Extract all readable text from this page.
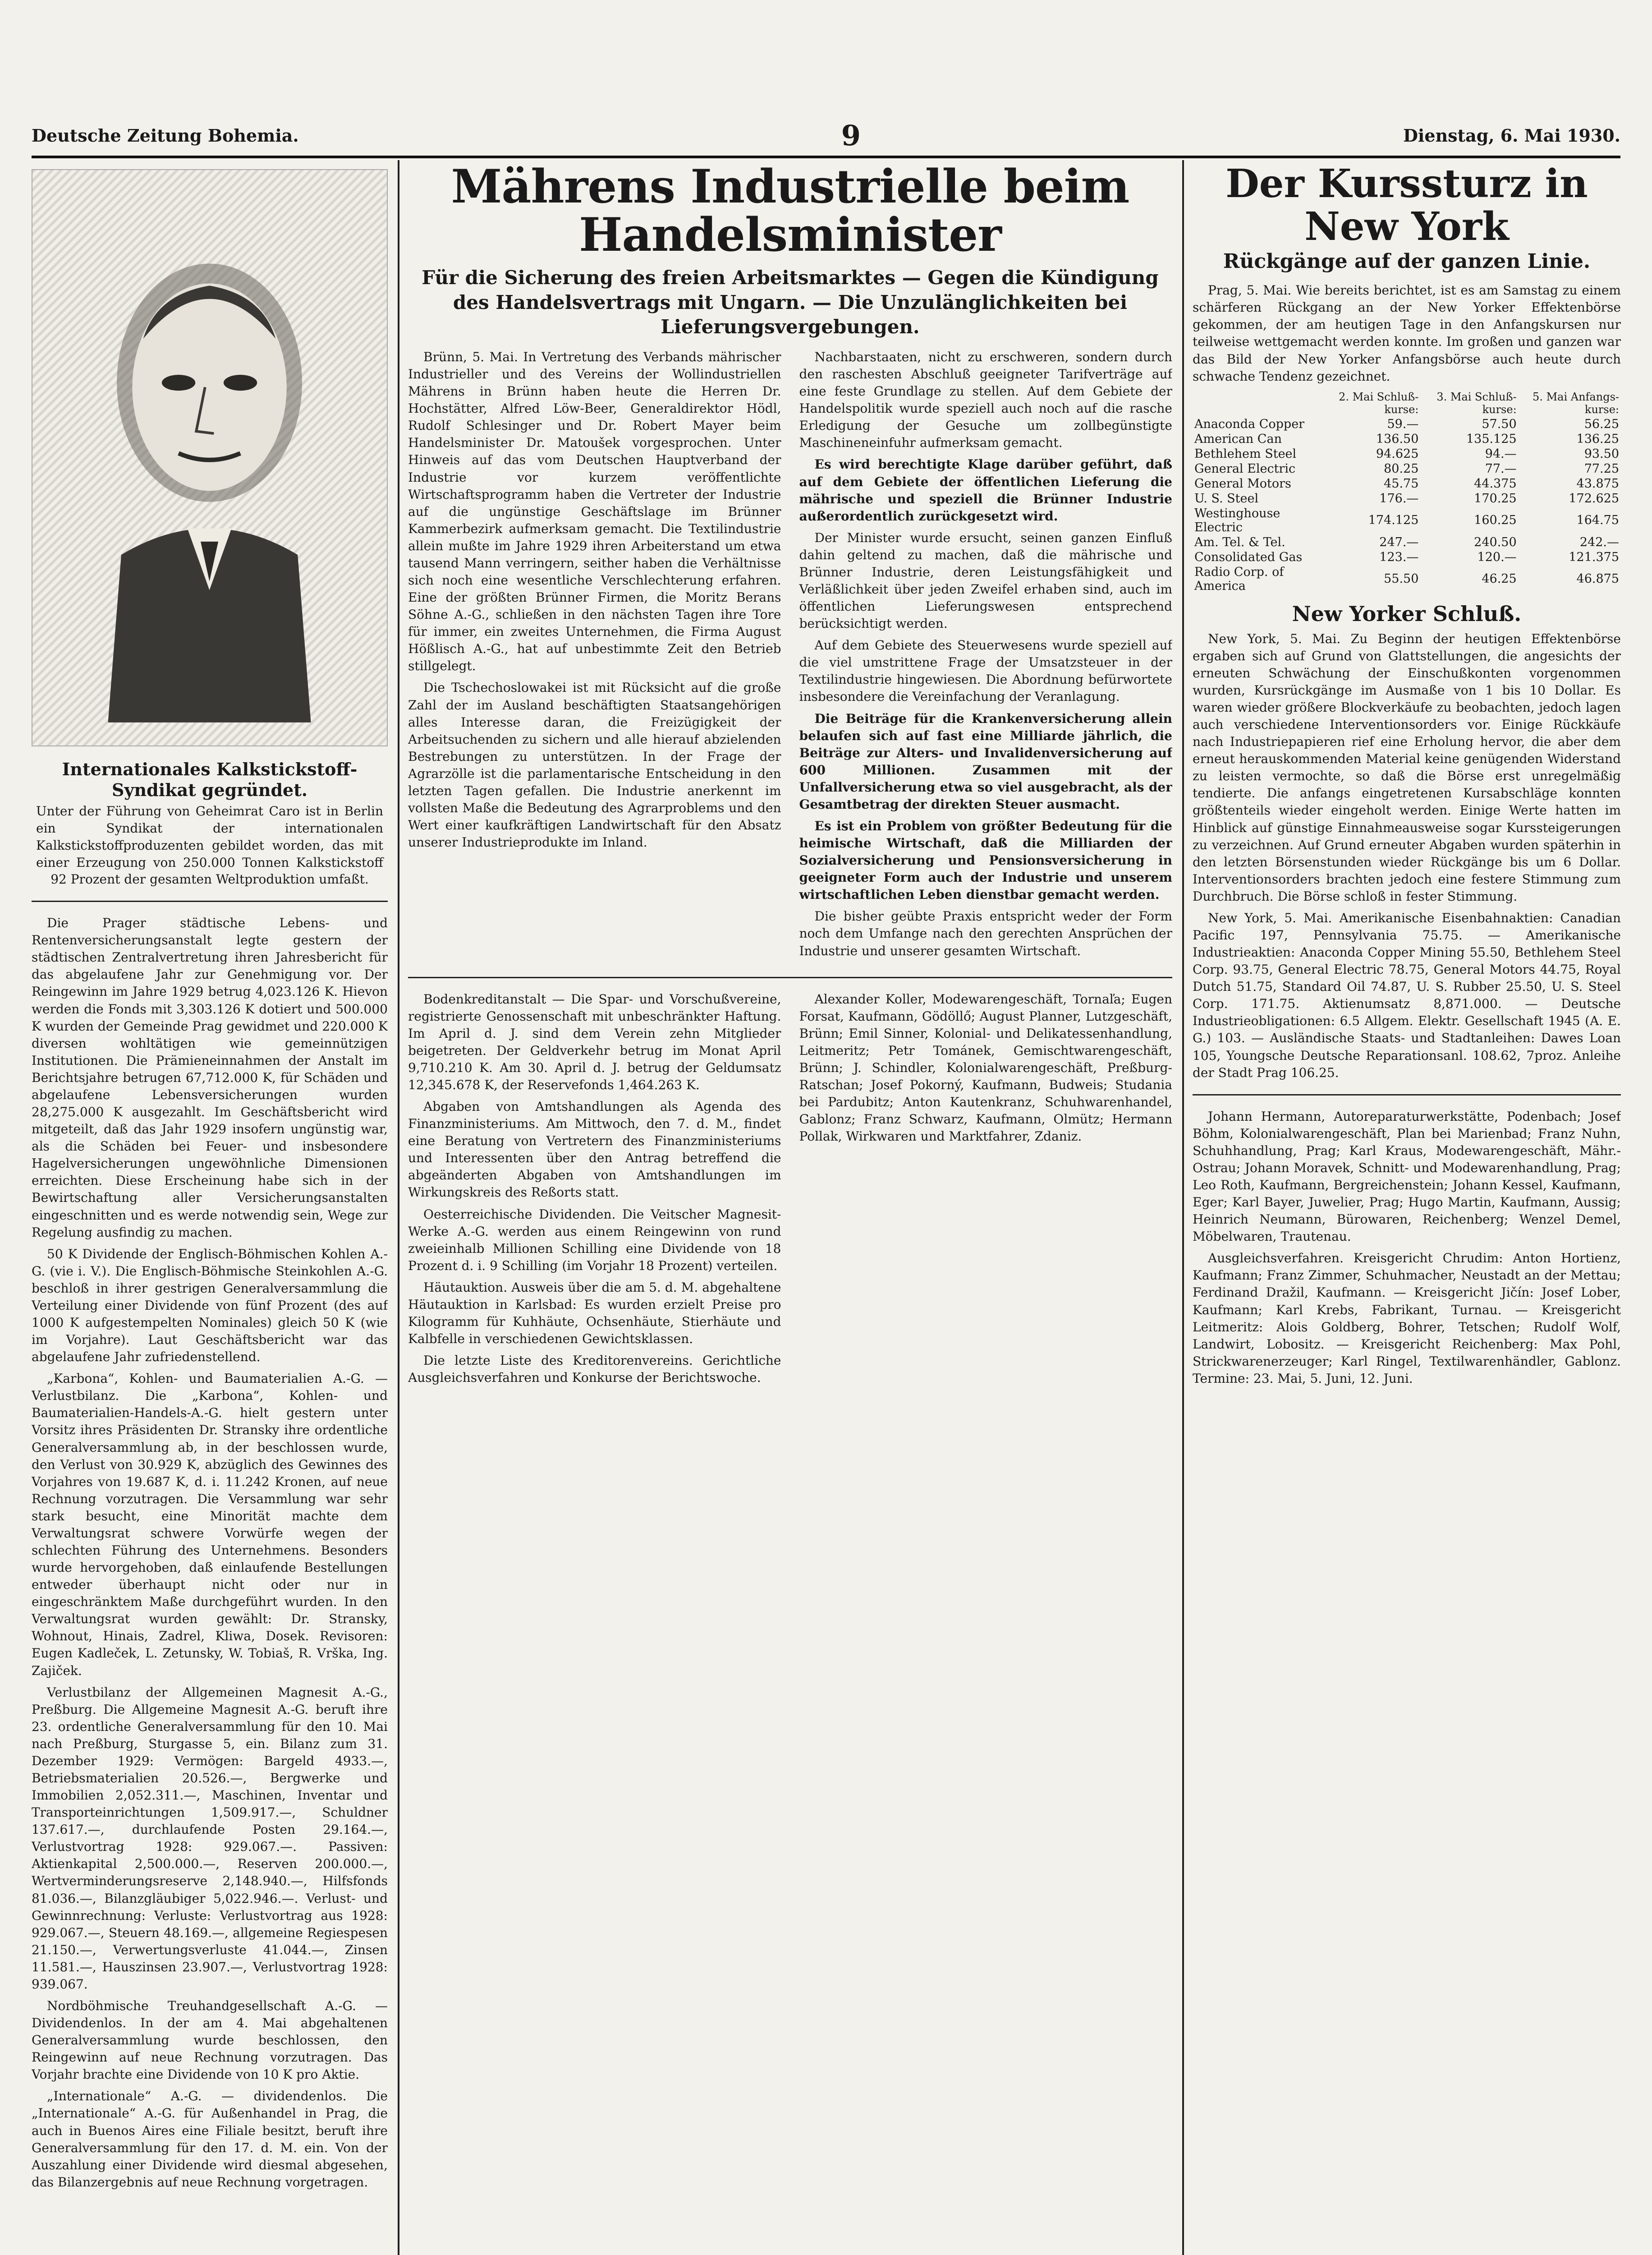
Deutsche Zeitung Bohemia.	9	Dienstag, 6. Mai 1930.
Internationales Kalkstickstoff-Syndikat gegründet.
Unter der Führung von Geheimrat Caro ist in Berlin ein Syndikat der internationalen Kalkstickstoffproduzenten gebildet worden, das mit einer Erzeugung von 250.000 Tonnen Kalkstickstoff 92 Prozent der gesamten Weltproduktion umfaßt.

Die Prager städtische Lebens- und Rentenversicherungsanstalt legte gestern der städtischen Zentralvertretung ihren Jahresbericht für das abgelaufene Jahr zur Genehmigung vor. Der Reingewinn im Jahre 1929 betrug 4,023.126 K. Hievon werden die Fonds mit 3,303.126 K dotiert und 500.000 K wurden der Gemeinde Prag gewidmet und 220.000 K diversen wohltätigen wie gemeinnützigen Institutionen. Die Prämieneinnahmen der Anstalt im Berichtsjahre betrugen 67,712.000 K, für Schäden und abgelaufene Lebensversicherungen wurden 28,275.000 K ausgezahlt. Im Geschäftsbericht wird mitgeteilt, daß das Jahr 1929 insofern ungünstig war, als die Schäden bei Feuer- und insbesondere Hagelversicherungen ungewöhnliche Dimensionen erreichten. Diese Erscheinung habe sich in der Bewirtschaftung aller Versicherungsanstalten eingeschnitten und es werde notwendig sein, Wege zur Regelung ausfindig zu machen.

50 K Dividende der Englisch-Böhmischen Kohlen A.-G. (vie i. V.). Die Englisch-Böhmische Steinkohlen A.-G. beschloß in ihrer gestrigen Generalversammlung die Verteilung einer Dividende von fünf Prozent (des auf 1000 K aufgestempelten Nominales) gleich 50 K (wie im Vorjahre). Laut Geschäftsbericht war das abgelaufene Jahr zufriedenstellend.

„Karbona“, Kohlen- und Baumaterialien A.-G. — Verlustbilanz. Die „Karbona“, Kohlen- und Baumaterialien-Handels-A.-G. hielt gestern unter Vorsitz ihres Präsidenten Dr. Stransky ihre ordentliche Generalversammlung ab, in der beschlossen wurde, den Verlust von 30.929 K, abzüglich des Gewinnes des Vorjahres von 19.687 K, d. i. 11.242 Kronen, auf neue Rechnung vorzutragen. Die Versammlung war sehr stark besucht, eine Minorität machte dem Verwaltungsrat schwere Vorwürfe wegen der schlechten Führung des Unternehmens. Besonders wurde hervorgehoben, daß einlaufende Bestellungen entweder überhaupt nicht oder nur in eingeschränktem Maße durchgeführt wurden. In den Verwaltungsrat wurden gewählt: Dr. Stransky, Wohnout, Hinais, Zadrel, Kliwa, Dosek. Revisoren: Eugen Kadleček, L. Zetunsky, W. Tobiaš, R. Vrška, Ing. Zajiček.

Verlustbilanz der Allgemeinen Magnesit A.-G., Preßburg. Die Allgemeine Magnesit A.-G. beruft ihre 23. ordentliche Generalversammlung für den 10. Mai nach Preßburg, Sturgasse 5, ein. Bilanz zum 31. Dezember 1929: Vermögen: Bargeld 4933.—, Betriebsmaterialien 20.526.—, Bergwerke und Immobilien 2,052.311.—, Maschinen, Inventar und Transporteinrichtungen 1,509.917.—, Schuldner 137.617.—, durchlaufende Posten 29.164.—, Verlustvortrag 1928: 929.067.—. Passiven: Aktienkapital 2,500.000.—, Reserven 200.000.—, Wertverminderungsreserve 2,148.940.—, Hilfsfonds 81.036.—, Bilanzgläubiger 5,022.946.—. Verlust- und Gewinnrechnung: Verluste: Verlustvortrag aus 1928: 929.067.—, Steuern 48.169.—, allgemeine Regiespesen 21.150.—, Verwertungsverluste 41.044.—, Zinsen 11.581.—, Hauszinsen 23.907.—, Verlustvortrag 1928: 939.067.

Nordböhmische Treuhandgesellschaft A.-G. — Dividendenlos. In der am 4. Mai abgehaltenen Generalversammlung wurde beschlossen, den Reingewinn auf neue Rechnung vorzutragen. Das Vorjahr brachte eine Dividende von 10 K pro Aktie.

„Internationale“ A.-G. — dividendenlos. Die „Internationale“ A.-G. für Außenhandel in Prag, die auch in Buenos Aires eine Filiale besitzt, beruft ihre Generalversammlung für den 17. d. M. ein. Von der Auszahlung einer Dividende wird diesmal abgesehen, das Bilanzergebnis auf neue Rechnung vorgetragen.

Mährens Industrielle beim Handelsminister
Für die Sicherung des freien Arbeitsmarktes — Gegen die Kündigung des Handelsvertrags mit Ungarn. — Die Unzulänglichkeiten bei Lieferungsvergebungen.

Brünn, 5. Mai. In Vertretung des Verbands mährischer Industrieller und des Vereins der Wollindustriellen Mährens in Brünn haben heute die Herren Dr. Hochstätter, Alfred Löw-Beer, Generaldirektor Hödl, Rudolf Schlesinger und Dr. Robert Mayer beim Handelsminister Dr. Matoušek vorgesprochen. Unter Hinweis auf das vom Deutschen Hauptverband der Industrie vor kurzem veröffentlichte Wirtschaftsprogramm haben die Vertreter der Industrie auf die ungünstige Geschäftslage im Brünner Kammerbezirk aufmerksam gemacht. Die Textilindustrie allein mußte im Jahre 1929 ihren Arbeiterstand um etwa tausend Mann verringern, seither haben die Verhältnisse sich noch eine wesentliche Verschlechterung erfahren. Eine der größten Brünner Firmen, die Moritz Berans Söhne A.-G., schließen in den nächsten Tagen ihre Tore für immer, ein zweites Unternehmen, die Firma August Hößlisch A.-G., hat auf unbestimmte Zeit den Betrieb stillgelegt.

Die Tschechoslowakei ist mit Rücksicht auf die große Zahl der im Ausland beschäftigten Staatsangehörigen alles Interesse daran, die Freizügigkeit der Arbeitsuchenden zu sichern und alle hierauf abzielenden Bestrebungen zu unterstützen. In der Frage der Agrarzölle ist die parlamentarische Entscheidung in den letzten Tagen gefallen. Die Industrie anerkennt im vollsten Maße die Bedeutung des Agrarproblems und den Wert einer kaufkräftigen Landwirtschaft für den Absatz unserer Industrieprodukte im Inland.

Nachbarstaaten, nicht zu erschweren, sondern durch den raschesten Abschluß geeigneter Tarifverträge auf eine feste Grundlage zu stellen. Auf dem Gebiete der Handelspolitik wurde speziell auch noch auf die rasche Erledigung der Gesuche um zollbegünstigte Maschineneinfuhr aufmerksam gemacht.

Es wird berechtigte Klage darüber geführt, daß auf dem Gebiete der öffentlichen Lieferung die mährische und speziell die Brünner Industrie außerordentlich zurückgesetzt wird.

Der Minister wurde ersucht, seinen ganzen Einfluß dahin geltend zu machen, daß die mährische und Brünner Industrie, deren Leistungsfähigkeit und Verläßlichkeit über jeden Zweifel erhaben sind, auch im öffentlichen Lieferungswesen entsprechend berücksichtigt werden.

Auf dem Gebiete des Steuerwesens wurde speziell auf die viel umstrittene Frage der Umsatzsteuer in der Textilindustrie hingewiesen. Die Abordnung befürwortete insbesondere die Vereinfachung der Veranlagung.

Die Beiträge für die Krankenversicherung allein belaufen sich auf fast eine Milliarde jährlich, die Beiträge zur Alters- und Invalidenversicherung auf 600 Millionen. Zusammen mit der Unfallversicherung etwa so viel ausgebracht, als der Gesamtbetrag der direkten Steuer ausmacht.

Es ist ein Problem von größter Bedeutung für die heimische Wirtschaft, daß die Milliarden der Sozialversicherung und Pensionsversicherung in geeigneter Form auch der Industrie und unserem wirtschaftlichen Leben dienstbar gemacht werden.

Die bisher geübte Praxis entspricht weder der Form noch dem Umfange nach den gerechten Ansprüchen der Industrie und unserer gesamten Wirtschaft.

Bodenkreditanstalt — Die Spar- und Vorschußvereine, registrierte Genossenschaft mit unbeschränkter Haftung. Im April d. J. sind dem Verein zehn Mitglieder beigetreten. Der Geldverkehr betrug im Monat April 9,710.210 K. Am 30. April d. J. betrug der Geldumsatz 12,345.678 K, der Reservefonds 1,464.263 K.

Abgaben von Amtshandlungen als Agenda des Finanzministeriums. Am Mittwoch, den 7. d. M., findet eine Beratung von Vertretern des Finanzministeriums und Interessenten über den Antrag betreffend die abgeänderten Abgaben von Amtshandlungen im Wirkungskreis des Reßorts statt.

Oesterreichische Dividenden. Die Veitscher Magnesit-Werke A.-G. werden aus einem Reingewinn von rund zweieinhalb Millionen Schilling eine Dividende von 18 Prozent d. i. 9 Schilling (im Vorjahr 18 Prozent) verteilen.

Häutauktion. Ausweis über die am 5. d. M. abgehaltene Häutauktion in Karlsbad: Es wurden erzielt Preise pro Kilogramm für Kuhhäute, Ochsenhäute, Stierhäute und Kalbfelle in verschiedenen Gewichtsklassen.

Die letzte Liste des Kreditorenvereins. Gerichtliche Ausgleichsverfahren und Konkurse der Berichtswoche.

Alexander Koller, Modewarengeschäft, Tornaľa; Eugen Forsat, Kaufmann, Gödöllő; August Planner, Lutzgeschäft, Brünn; Emil Sinner, Kolonial- und Delikatessenhandlung, Leitmeritz; Petr Tománek, Gemischtwarengeschäft, Brünn; J. Schindler, Kolonialwarengeschäft, Preßburg-Ratschan; Josef Pokorný, Kaufmann, Budweis; Studania bei Pardubitz; Anton Kautenkranz, Schuhwarenhandel, Gablonz; Franz Schwarz, Kaufmann, Olmütz; Hermann Pollak, Wirkwaren und Marktfahrer, Zdaniz.

Der Kurssturz in New York
Rückgänge auf der ganzen Linie.

Prag, 5. Mai. Wie bereits berichtet, ist es am Samstag zu einem schärferen Rückgang an der New Yorker Effektenbörse gekommen, der am heutigen Tage in den Anfangskursen nur teilweise wettgemacht werden konnte. Im großen und ganzen war das Bild der New Yorker Anfangsbörse auch heute durch schwache Tendenz gezeichnet.

	2. Mai Schluß-kurse:	3. Mai Schluß-kurse:	5. Mai Anfangs-kurse:
Anaconda Copper	59.—	57.50	56.25
American Can	136.50	135.125	136.25
Bethlehem Steel	94.625	94.—	93.50
General Electric	80.25	77.—	77.25
General Motors	45.75	44.375	43.875
U. S. Steel	176.—	170.25	172.625
Westinghouse Electric	174.125	160.25	164.75
Am. Tel. & Tel.	247.—	240.50	242.—
Consolidated Gas	123.—	120.—	121.375
Radio Corp. of America	55.50	46.25	46.875
New Yorker Schluß.

New York, 5. Mai. Zu Beginn der heutigen Effektenbörse ergaben sich auf Grund von Glattstellungen, die angesichts der erneuten Schwächung der Einschußkonten vorgenommen wurden, Kursrückgänge im Ausmaße von 1 bis 10 Dollar. Es waren wieder größere Blockverkäufe zu beobachten, jedoch lagen auch verschiedene Interventionsorders vor. Einige Rückkäufe nach Industriepapieren rief eine Erholung hervor, die aber dem erneut herauskommenden Material keine genügenden Widerstand zu leisten vermochte, so daß die Börse erst unregelmäßig tendierte. Die anfangs eingetretenen Kursabschläge konnten größtenteils wieder eingeholt werden. Einige Werte hatten im Hinblick auf günstige Einnahmeausweise sogar Kurssteigerungen zu verzeichnen. Auf Grund erneuter Abgaben wurden späterhin in den letzten Börsenstunden wieder Rückgänge bis um 6 Dollar. Interventionsorders brachten jedoch eine festere Stimmung zum Durchbruch. Die Börse schloß in fester Stimmung.

New York, 5. Mai. Amerikanische Eisenbahnaktien: Canadian Pacific 197, Pennsylvania 75.75. — Amerikanische Industrieaktien: Anaconda Copper Mining 55.50, Bethlehem Steel Corp. 93.75, General Electric 78.75, General Motors 44.75, Royal Dutch 51.75, Standard Oil 74.87, U. S. Rubber 25.50, U. S. Steel Corp. 171.75. Aktienumsatz 8,871.000. — Deutsche Industrieobligationen: 6.5 Allgem. Elektr. Gesellschaft 1945 (A. E. G.) 103. — Ausländische Staats- und Stadtanleihen: Dawes Loan 105, Youngsche Deutsche Reparationsanl. 108.62, 7proz. Anleihe der Stadt Prag 106.25.

Johann Hermann, Autoreparaturwerkstätte, Podenbach; Josef Böhm, Kolonialwarengeschäft, Plan bei Marienbad; Franz Nuhn, Schuhhandlung, Prag; Karl Kraus, Modewarengeschäft, Mähr.-Ostrau; Johann Moravek, Schnitt- und Modewarenhandlung, Prag; Leo Roth, Kaufmann, Bergreichenstein; Johann Kessel, Kaufmann, Eger; Karl Bayer, Juwelier, Prag; Hugo Martin, Kaufmann, Aussig; Heinrich Neumann, Bürowaren, Reichenberg; Wenzel Demel, Möbelwaren, Trautenau.

Ausgleichsverfahren. Kreisgericht Chrudim: Anton Hortienz, Kaufmann; Franz Zimmer, Schuhmacher, Neustadt an der Mettau; Ferdinand Dražil, Kaufmann. — Kreisgericht Jičín: Josef Lober, Kaufmann; Karl Krebs, Fabrikant, Turnau. — Kreisgericht Leitmeritz: Alois Goldberg, Bohrer, Tetschen; Rudolf Wolf, Landwirt, Lobositz. — Kreisgericht Reichenberg: Max Pohl, Strickwarenerzeuger; Karl Ringel, Textilwarenhändler, Gablonz. Termine: 23. Mai, 5. Juni, 12. Juni.
